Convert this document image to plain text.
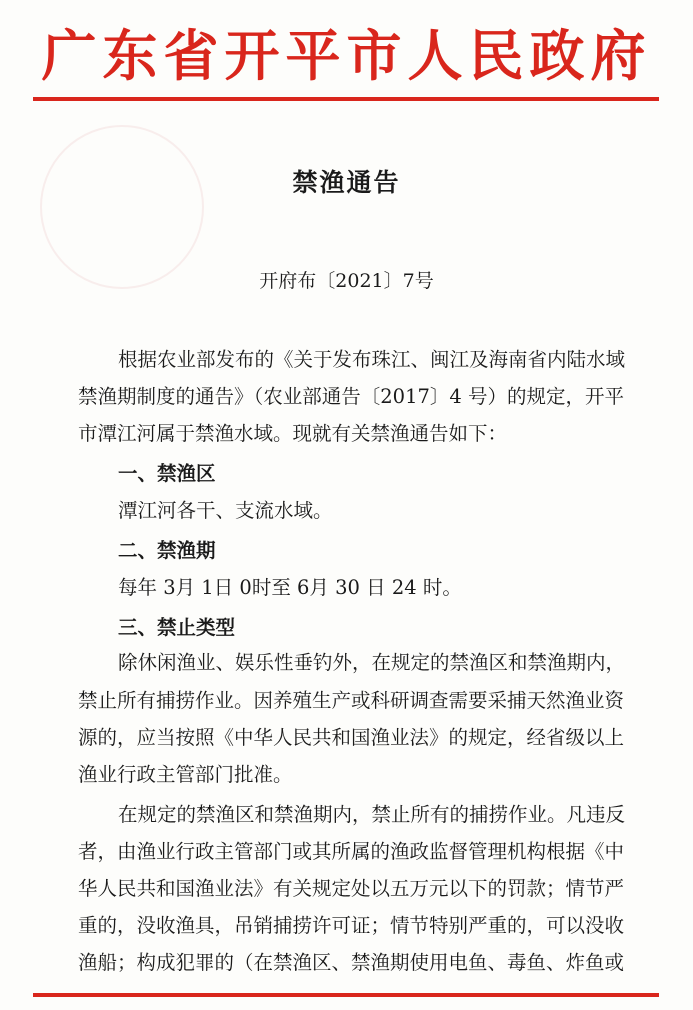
广东省开平市人民政府
禁渔通告
开府布〔2021〕7号
根据农业部发布的《关于发布珠江、闽江及海南省内陆水域
禁渔期制度的通告》（农业部通告〔2017〕4 号）的规定，开平
市潭江河属于禁渔水域。现就有关禁渔通告如下：
一、禁渔区
潭江河各干、支流水域。
二、禁渔期
每年 3月 1日 0时至 6月 30 日 24 时。
三、禁止类型
除休闲渔业、娱乐性垂钓外，在规定的禁渔区和禁渔期内，
禁止所有捕捞作业。因养殖生产或科研调查需要采捕天然渔业资
源的，应当按照《中华人民共和国渔业法》的规定，经省级以上
渔业行政主管部门批准。
在规定的禁渔区和禁渔期内，禁止所有的捕捞作业。凡违反
者，由渔业行政主管部门或其所属的渔政监督管理机构根据《中
华人民共和国渔业法》有关规定处以五万元以下的罚款；情节严
重的，没收渔具，吊销捕捞许可证；情节特别严重的，可以没收
渔船；构成犯罪的（在禁渔区、禁渔期使用电鱼、毒鱼、炸鱼或
